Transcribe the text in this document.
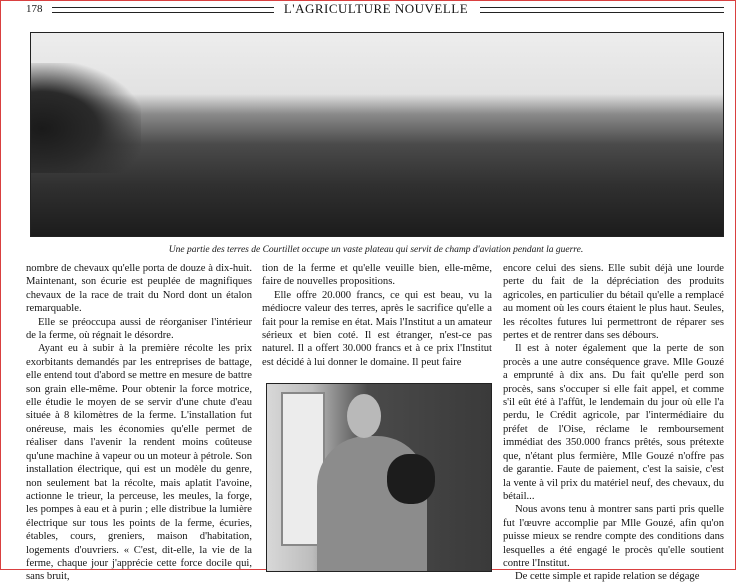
178	L'AGRICULTURE NOUVELLE
Une partie des terres de Courtillet occupe un vaste plateau qui servit de champ d'aviation pendant la guerre.

nombre de chevaux qu'elle porta de douze à dix-huit. Maintenant, son écurie est peuplée de magnifiques chevaux de la race de trait du Nord dont un étalon remarquable.

Elle se préoccupa aussi de réorganiser l'intérieur de la ferme, où régnait le désordre.

Ayant eu à subir à la première récolte les prix exorbitants demandés par les entreprises de battage, elle entend tout d'abord se mettre en mesure de battre son grain elle-même. Pour obtenir la force motrice, elle étudie le moyen de se servir d'une chute d'eau située à 8 kilomètres de la ferme. L'installation fut onéreuse, mais les économies qu'elle permet de réaliser dans l'avenir la rendent moins coûteuse qu'une machine à vapeur ou un moteur à pétrole. Son installation électrique, qui est un modèle du genre, non seulement bat la récolte, mais aplatit l'avoine, actionne le trieur, la perceuse, les meules, la forge, les pompes à eau et à purin ; elle distribue la lumière électrique sur tous les points de la ferme, écuries, étables, cours, greniers, maison d'habitation, logements d'ouvriers. « C'est, dit-elle, la vie de la ferme, chaque jour j'apprécie cette force docile qui, sans bruit,

tion de la ferme et qu'elle veuille bien, elle-même, faire de nouvelles propositions.

Elle offre 20.000 francs, ce qui est beau, vu la médiocre valeur des terres, après le sacrifice qu'elle a fait pour la remise en état. Mais l'Institut a un amateur sérieux et bien coté. Il est étranger, n'est-ce pas naturel. Il a offert 30.000 francs et à ce prix l'Institut est décidé à lui donner le domaine. Il peut faire

encore celui des siens. Elle subit déjà une lourde perte du fait de la dépréciation des produits agricoles, en particulier du bétail qu'elle a remplacé au moment où les cours étaient le plus haut. Seules, les récoltes futures lui permettront de réparer ses pertes et de rentrer dans ses débours.

Il est à noter également que la perte de son procès a une autre conséquence grave. Mlle Gouzé a emprunté à dix ans. Du fait qu'elle perd son procès, sans s'occuper si elle fait appel, et comme s'il eût été à l'affût, le lendemain du jour où elle l'a perdu, le Crédit agricole, par l'intermédiaire du préfet de l'Oise, réclame le remboursement immédiat des 350.000 francs prêtés, sous prétexte que, n'étant plus fermière, Mlle Gouzé n'offre pas de garantie. Faute de paiement, c'est la saisie, c'est la vente à vil prix du matériel neuf, des chevaux, du bétail...

Nous avons tenu à montrer sans parti pris quelle fut l'œuvre accomplie par Mlle Gouzé, afin qu'on puisse mieux se rendre compte des conditions dans lesquelles a été engagé le procès qu'elle soutient contre l'Institut.

De cette simple et rapide relation se dégage
